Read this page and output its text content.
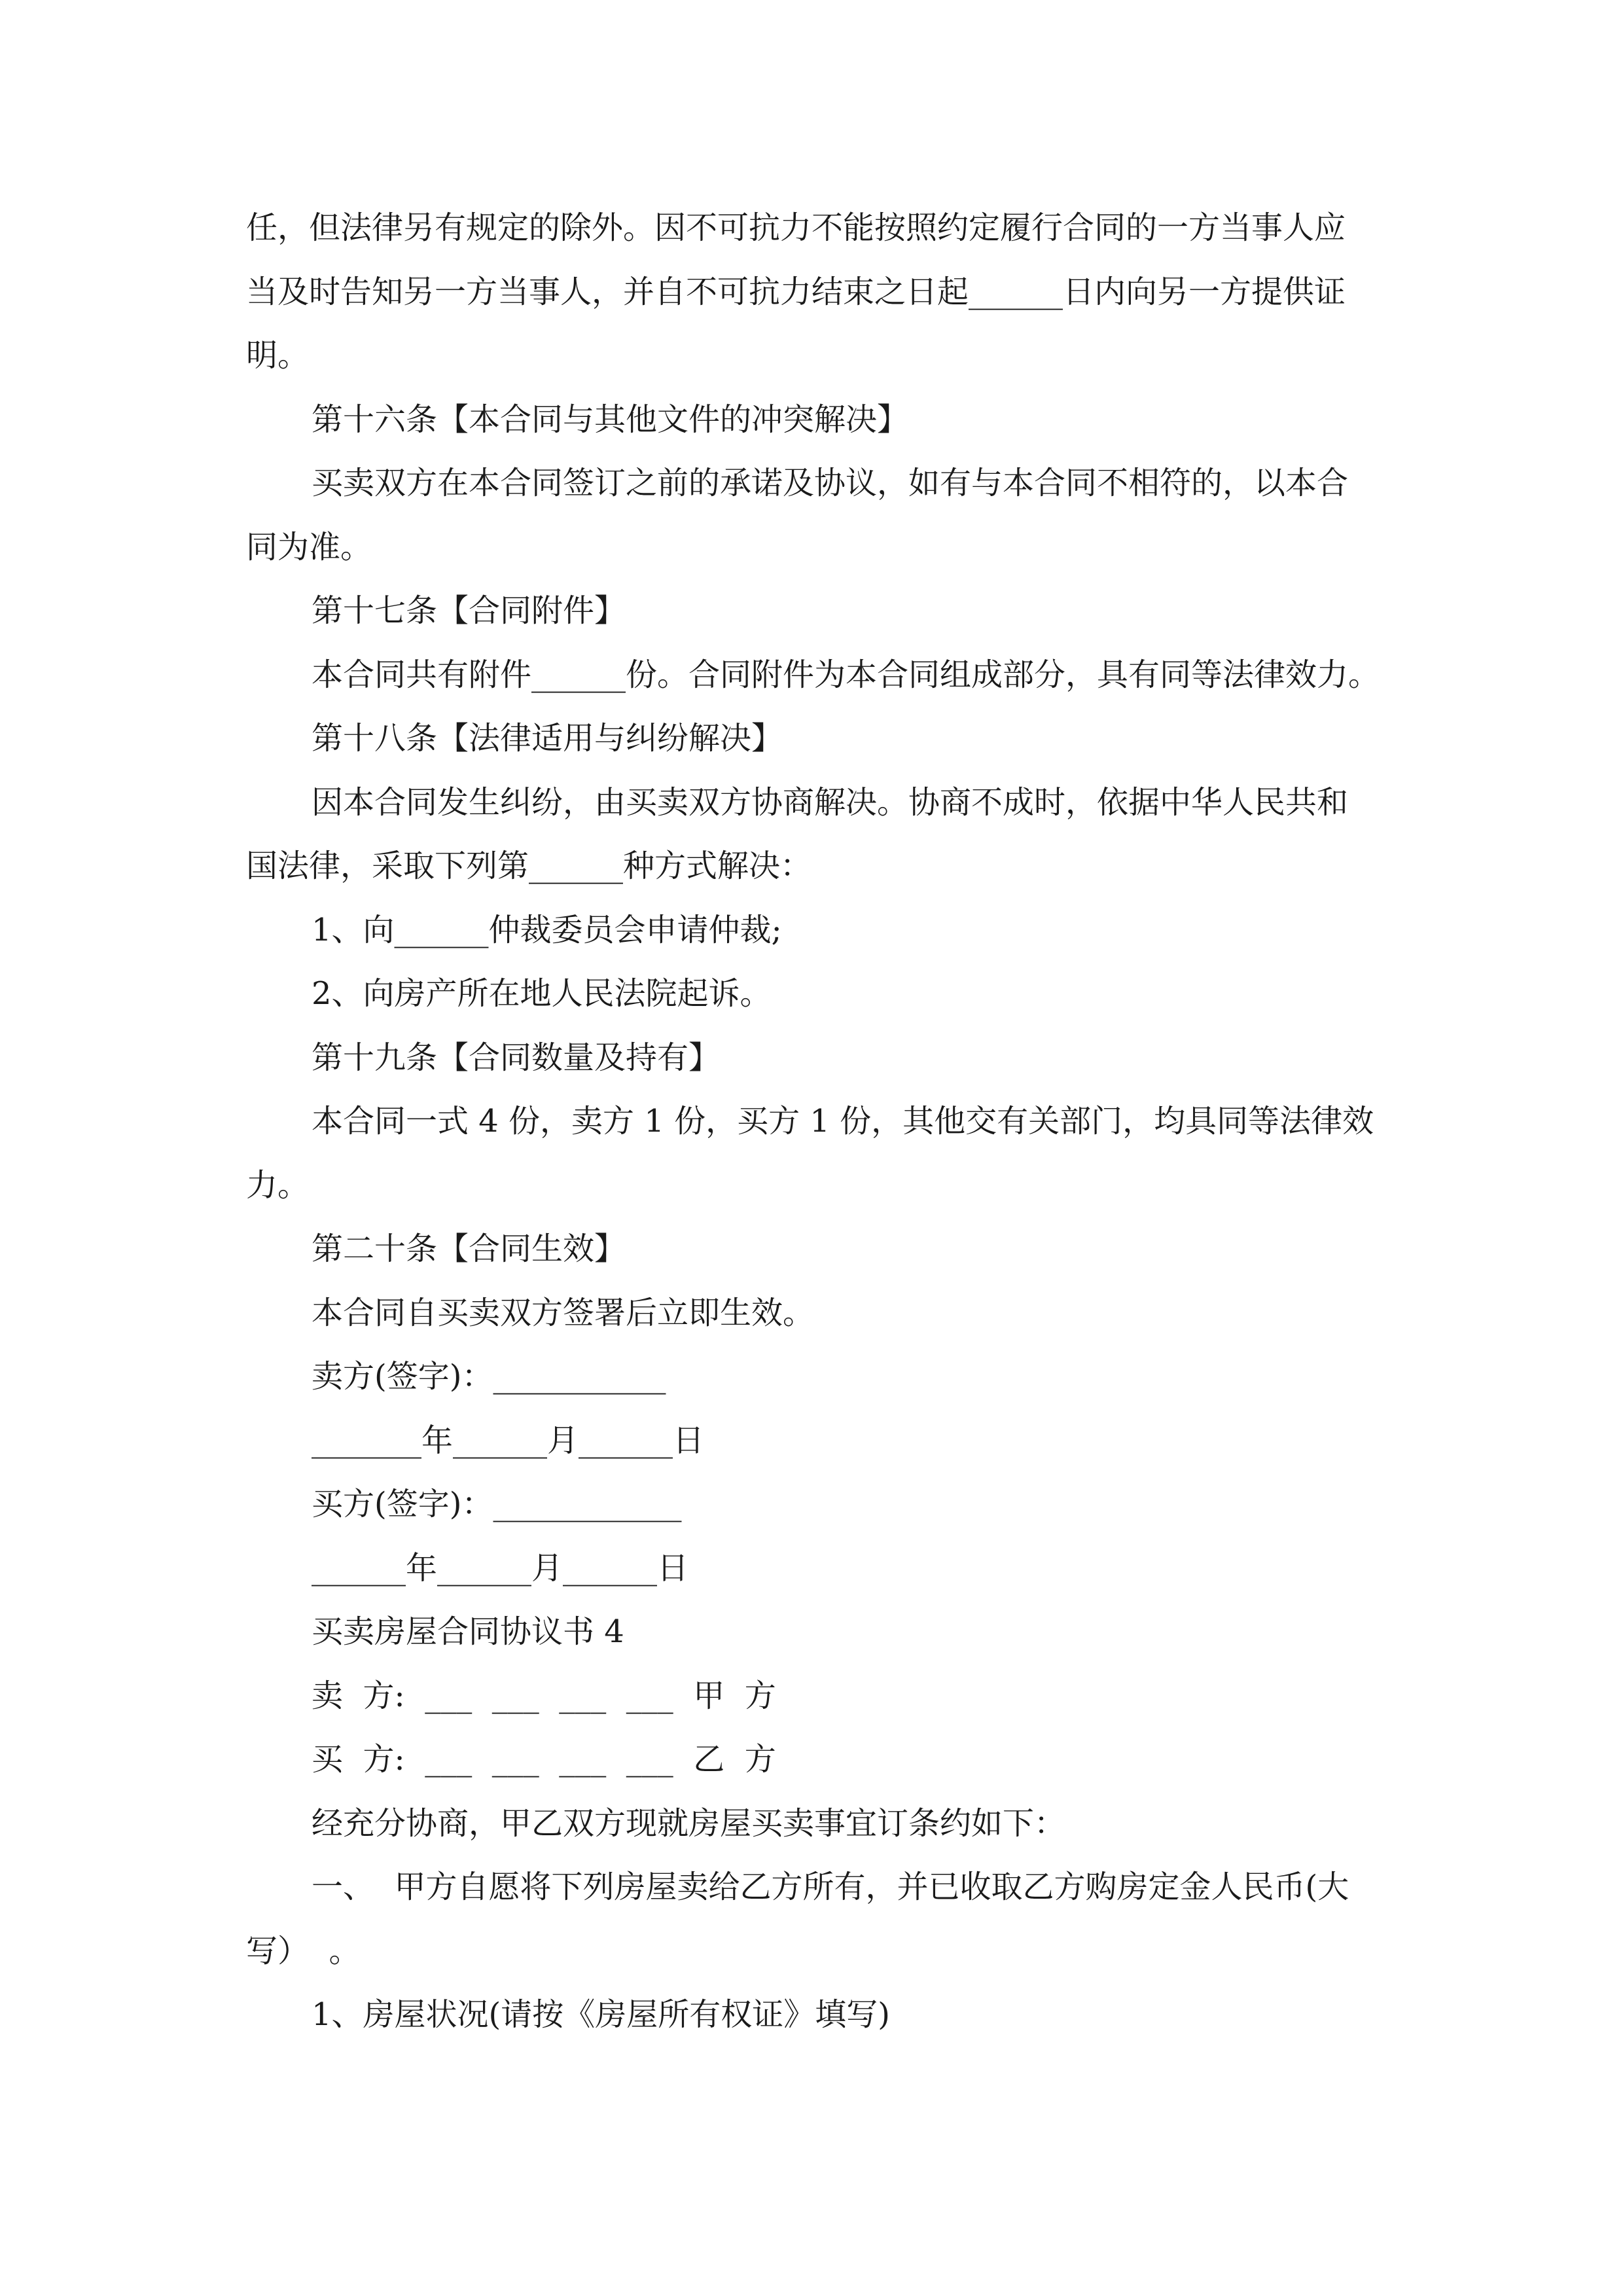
任，但法律另有规定的除外。因不可抗力不能按照约定履行合同的一方当事人应

当及时告知另一方当事人，并自不可抗力结束之日起______日内向另一方提供证

明。

第十六条【本合同与其他文件的冲突解决】

买卖双方在本合同签订之前的承诺及协议，如有与本合同不相符的，以本合

同为准。

第十七条【合同附件】

本合同共有附件______份。合同附件为本合同组成部分，具有同等法律效力。

第十八条【法律适用与纠纷解决】

因本合同发生纠纷，由买卖双方协商解决。协商不成时，依据中华人民共和

国法律，采取下列第______种方式解决：

1、向______仲裁委员会申请仲裁;

2、向房产所在地人民法院起诉。

第十九条【合同数量及持有】

本合同一式 4 份，卖方 1 份，买方 1 份，其他交有关部门，均具同等法律效

力。

第二十条【合同生效】

本合同自买卖双方签署后立即生效。

卖方(签字)：___________

_______年______月______日

买方(签字)：____________

______年______月______日

买卖房屋合同协议书 4

卖  方:  ___  ___  ___  ___  甲  方

买  方:  ___  ___  ___  ___  乙  方

经充分协商，甲乙双方现就房屋买卖事宜订条约如下：

一、  甲方自愿将下列房屋卖给乙方所有，并已收取乙方购房定金人民币(大

写）  。

1、房屋状况(请按《房屋所有权证》填写)
